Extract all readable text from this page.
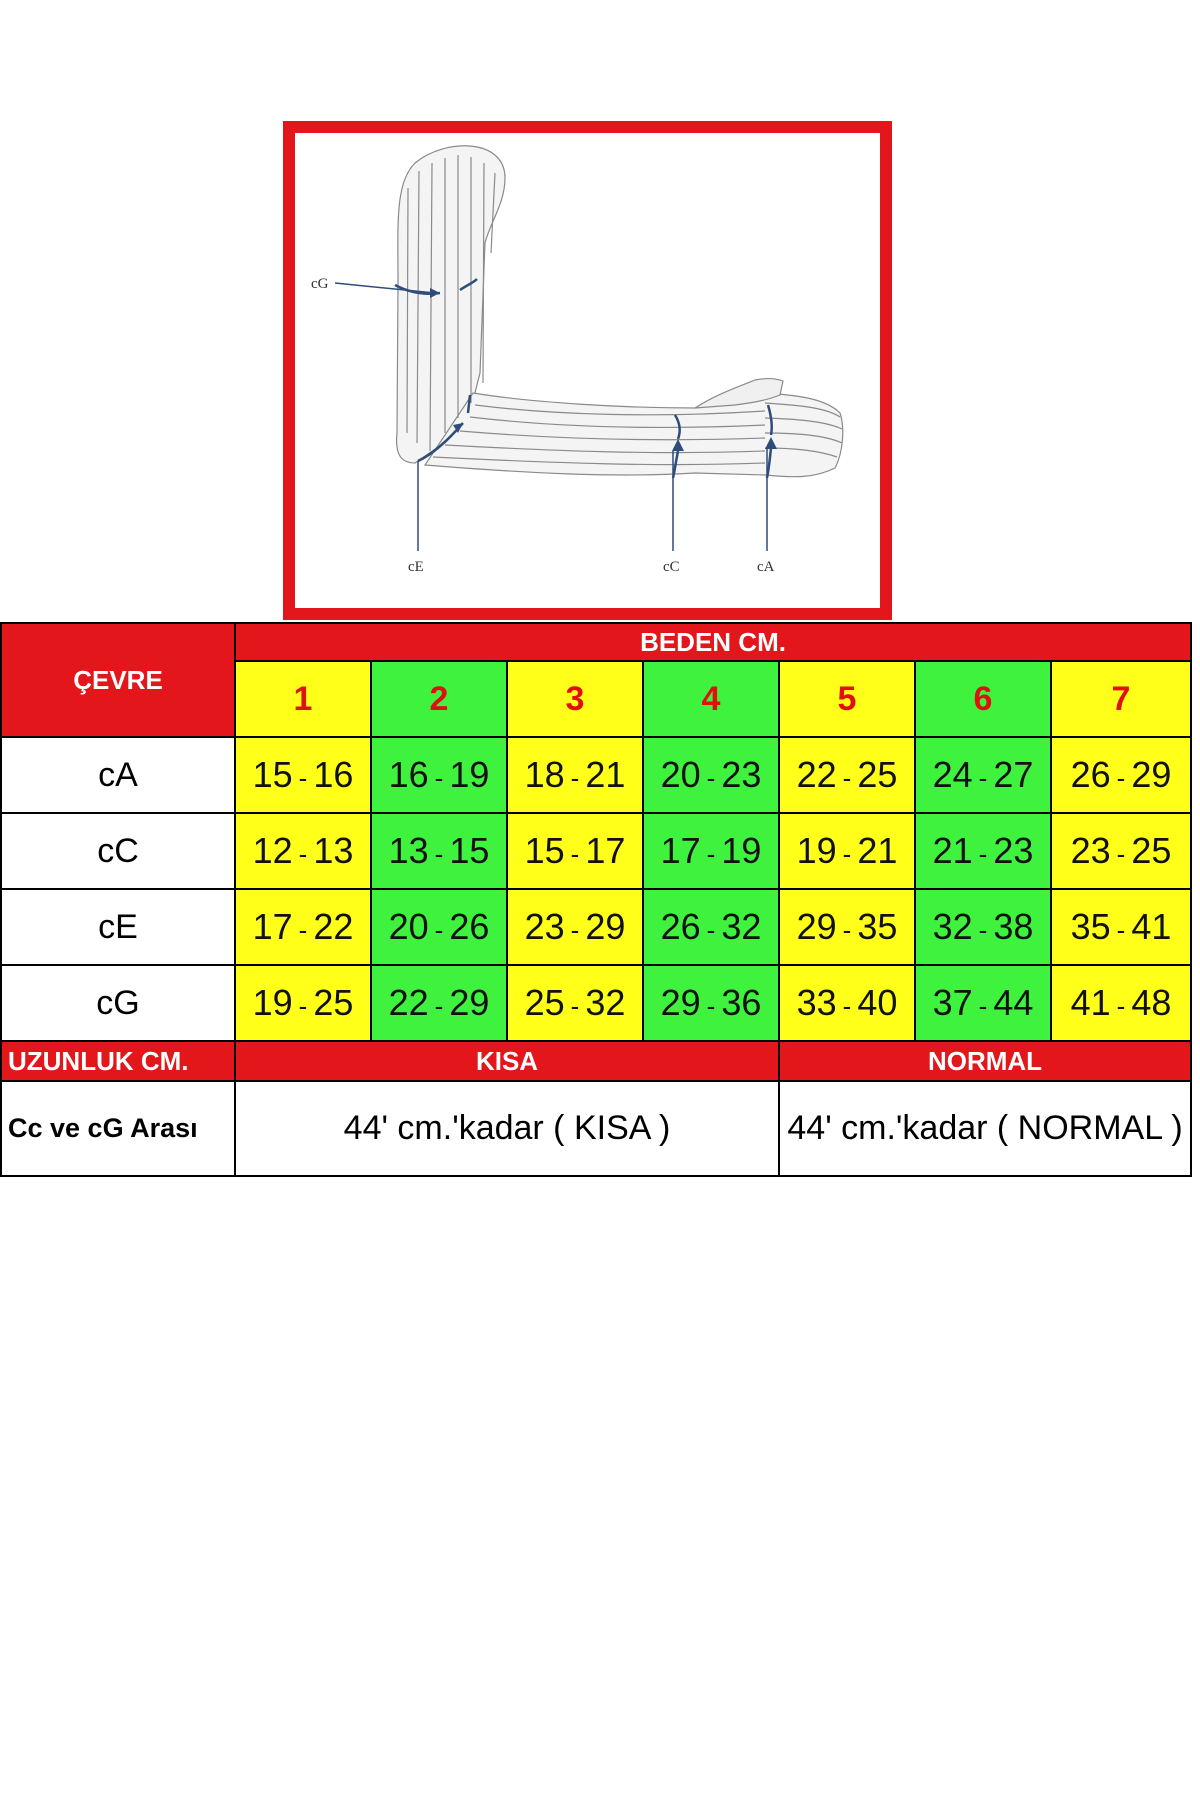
cG
cE	cC	cA
ÇEVRE	BEDEN CM.						
	1	2	3	4	5	6	7
cA	15 - 16	16 - 19	18 - 21	20 - 23	22 - 25	24 - 27	26 - 29
cC	12 - 13	13 - 15	15 - 17	17 - 19	19 - 21	21 - 23	23 - 25
cE	17 - 22	20 - 26	23 - 29	26 - 32	29 - 35	32 - 38	35 - 41
cG	19 - 25	22 - 29	25 - 32	29 - 36	33 - 40	37 - 44	41 - 48
UZUNLUK CM.	KISA				NORMAL		
Cc ve cG Arası	44' cm.'kadar ( KISA )				44' cm.'kadar ( NORMAL )		
